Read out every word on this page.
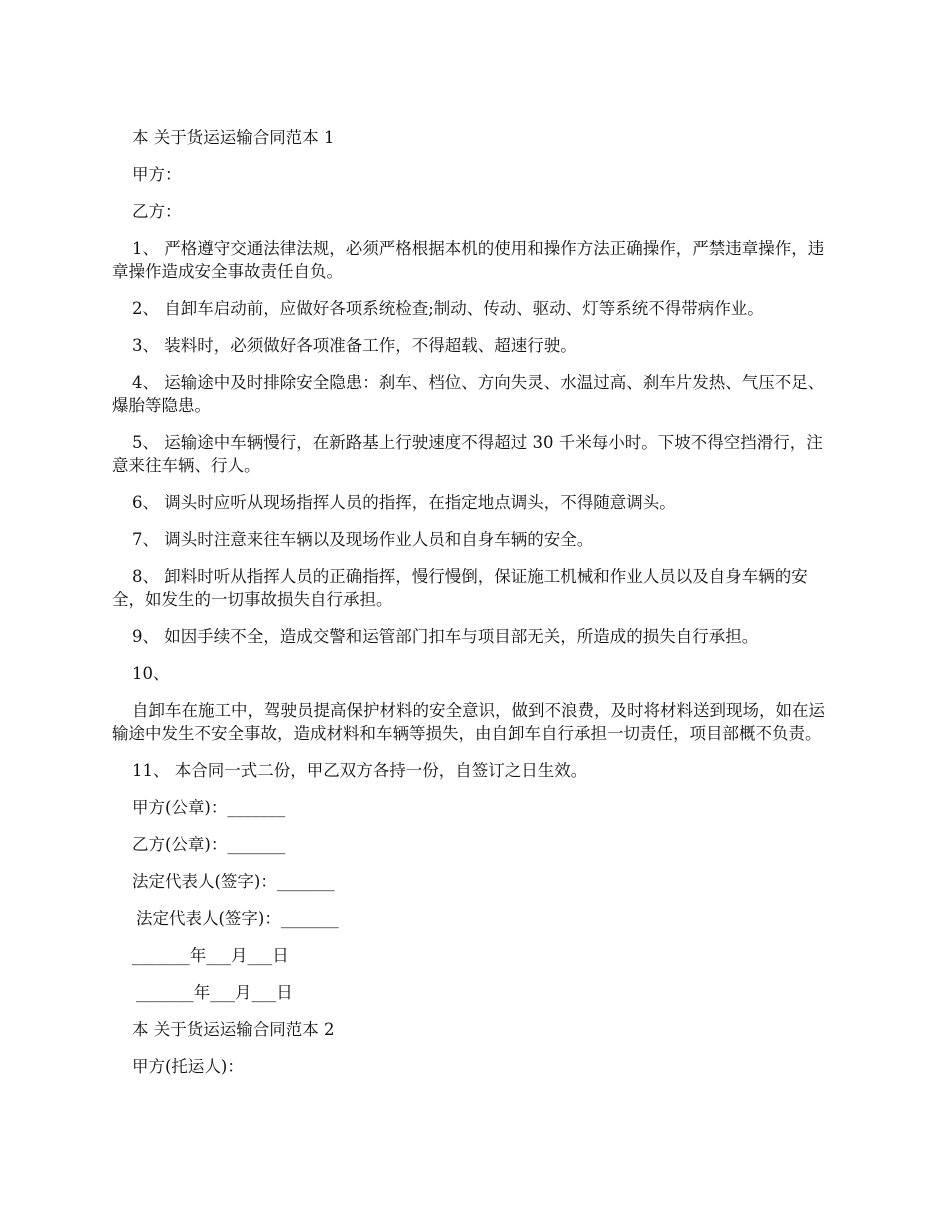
本 关于货运运输合同范本 1

甲方：

乙方：

1、 严格遵守交通法律法规，必须严格根据本机的使用和操作方法正确操作，严禁违章操作，违章操作造成安全事故责任自负。

2、 自卸车启动前，应做好各项系统检查;制动、传动、驱动、灯等系统不得带病作业。

3、 装料时，必须做好各项准备工作，不得超载、超速行驶。

4、 运输途中及时排除安全隐患：刹车、档位、方向失灵、水温过高、刹车片发热、气压不足、爆胎等隐患。

5、 运输途中车辆慢行，在新路基上行驶速度不得超过 30 千米每小时。下坡不得空挡滑行，注意来往车辆、行人。

6、 调头时应听从现场指挥人员的指挥，在指定地点调头，不得随意调头。

7、 调头时注意来往车辆以及现场作业人员和自身车辆的安全。

8、 卸料时听从指挥人员的正确指挥，慢行慢倒，保证施工机械和作业人员以及自身车辆的安全，如发生的一切事故损失自行承担。

9、 如因手续不全，造成交警和运管部门扣车与项目部无关，所造成的损失自行承担。

10、

自卸车在施工中，驾驶员提高保护材料的安全意识，做到不浪费，及时将材料送到现场，如在运输途中发生不安全事故，造成材料和车辆等损失，由自卸车自行承担一切责任，项目部概不负责。

11、 本合同一式二份，甲乙双方各持一份，自签订之日生效。

甲方(公章)：_______

乙方(公章)：_______

法定代表人(签字)：_______

法定代表人(签字)：_______

_______年___月___日

_______年___月___日

本 关于货运运输合同范本 2

甲方(托运人)：
